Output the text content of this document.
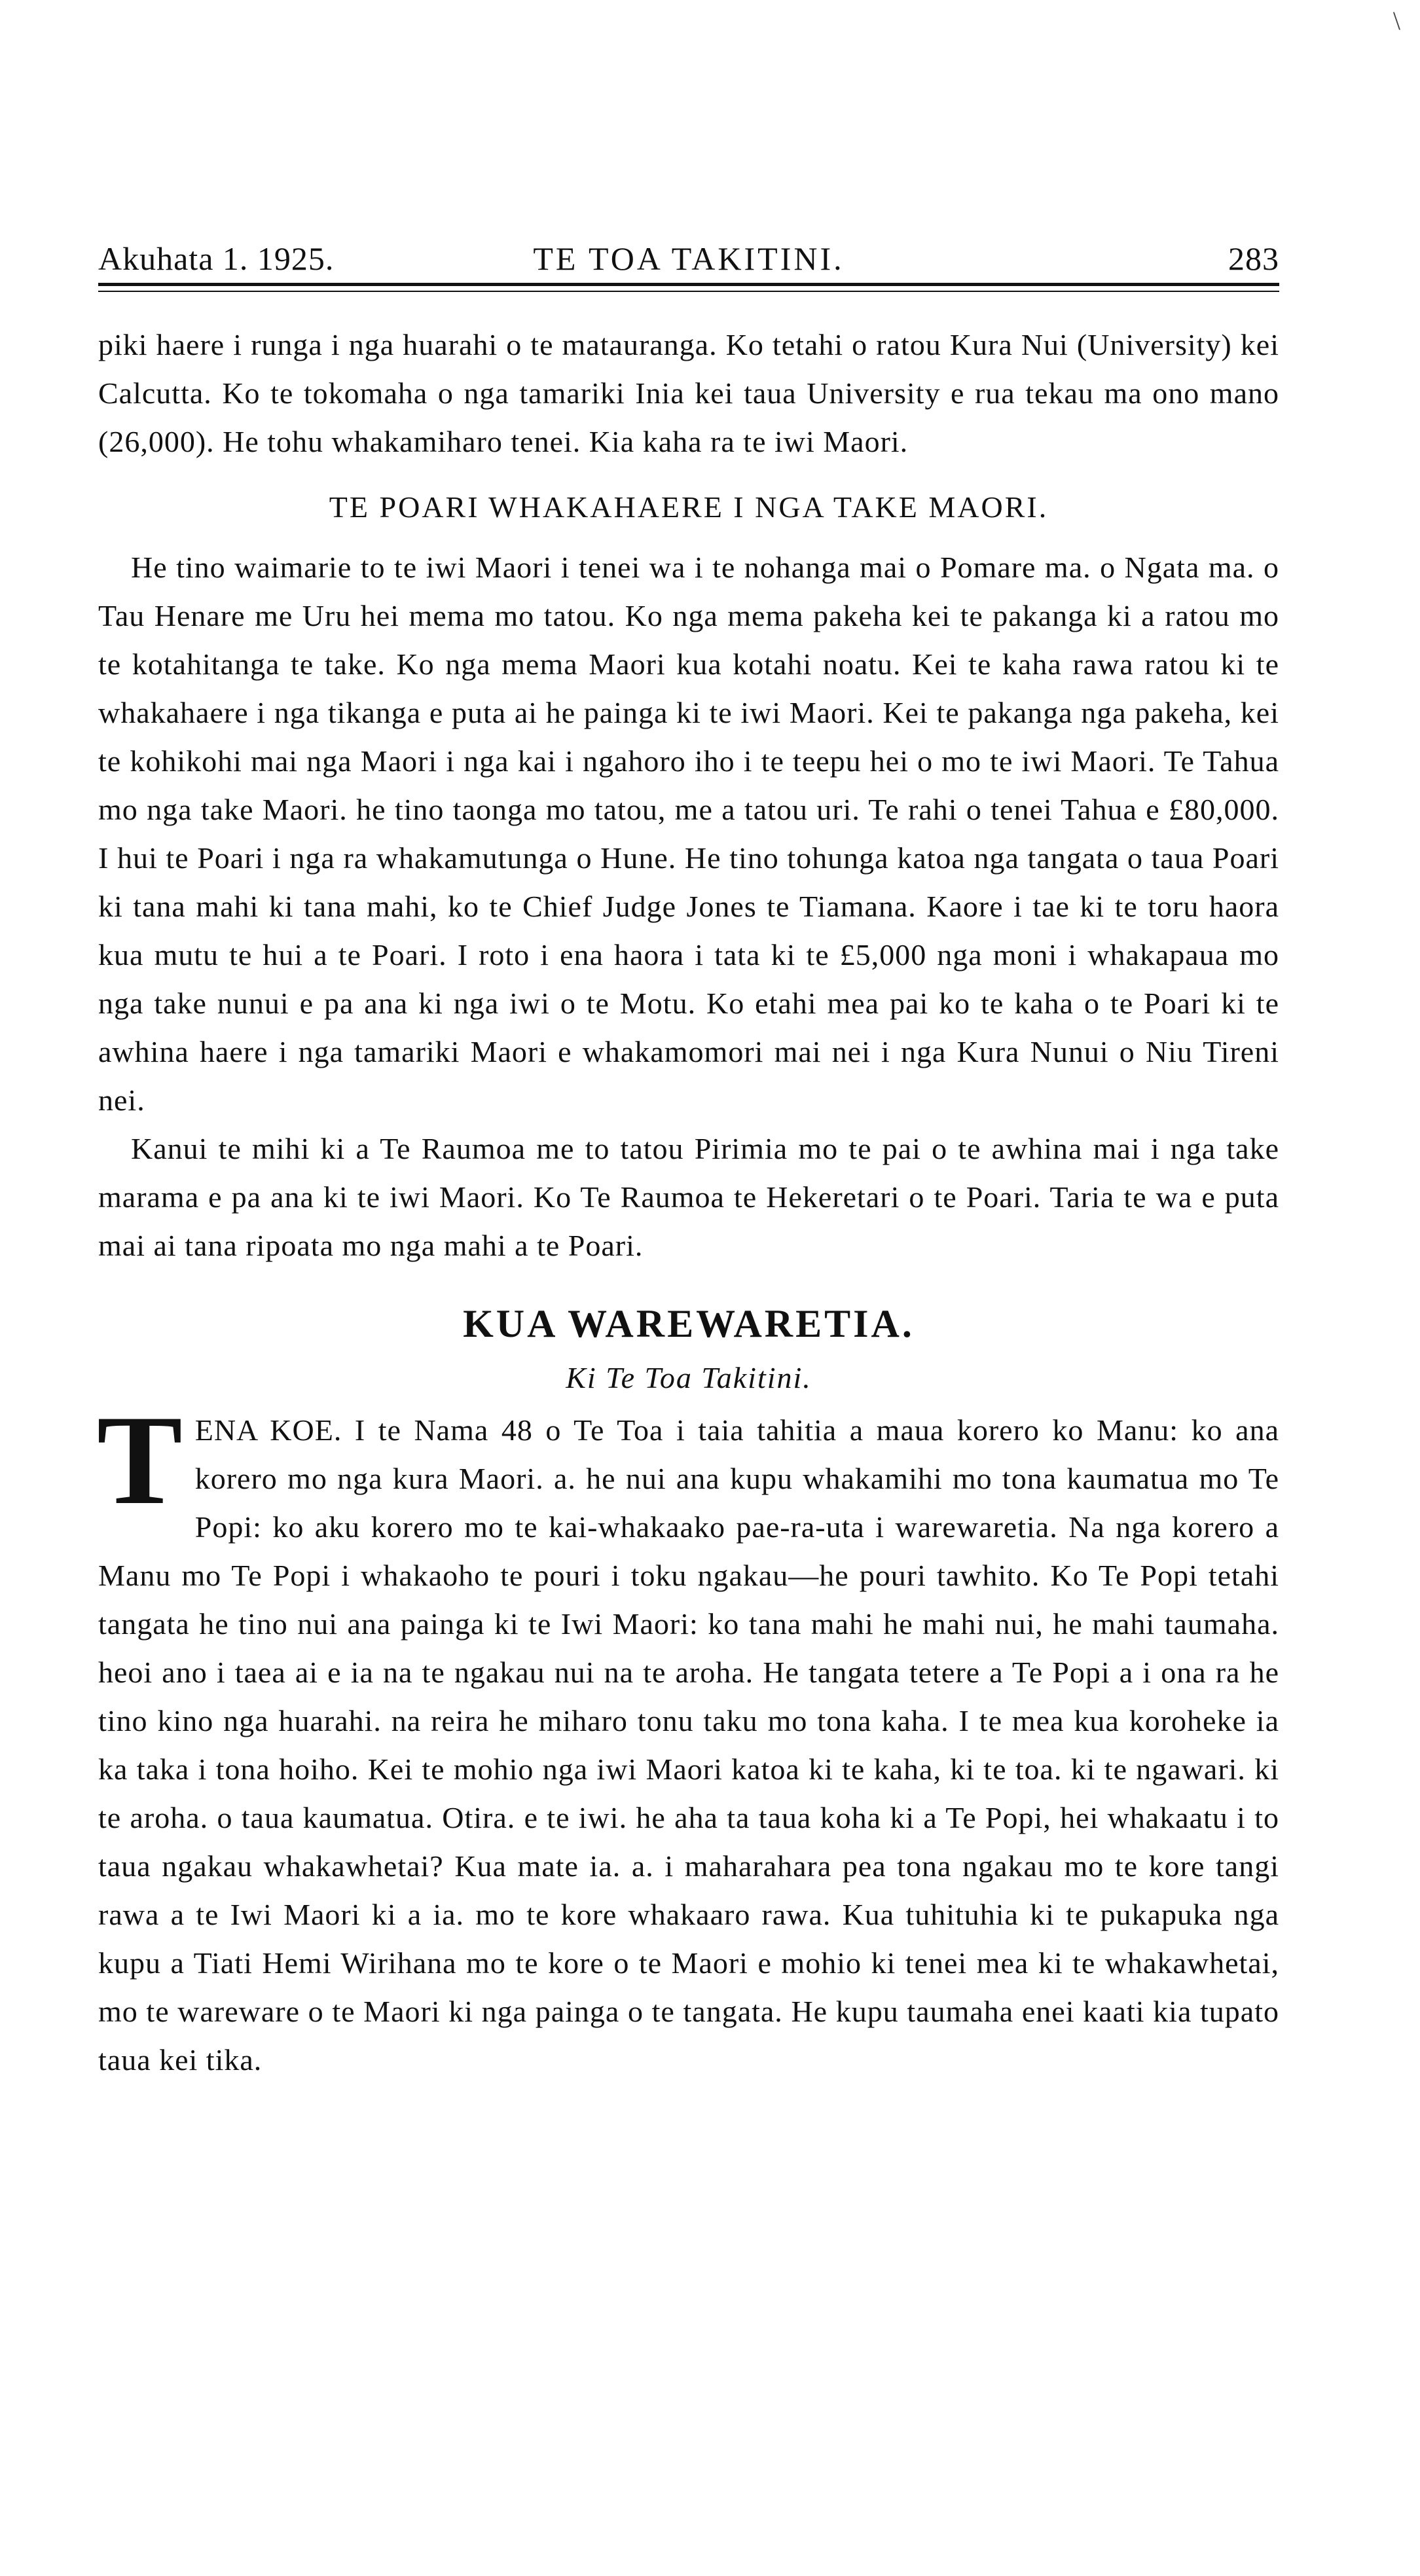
\
Akuhata 1. 1925.	TE TOA TAKITINI.	283

piki haere i runga i nga huarahi o te matauranga. Ko tetahi o ratou Kura Nui (University) kei Calcutta. Ko te tokomaha o nga tamariki Inia kei taua University e rua tekau ma ono mano (26,000). He tohu whakamiharo tenei. Kia kaha ra te iwi Maori.

TE POARI WHAKAHAERE I NGA TAKE MAORI.

He tino waimarie to te iwi Maori i tenei wa i te nohanga mai o Pomare ma. o Ngata ma. o Tau Henare me Uru hei mema mo tatou. Ko nga mema pakeha kei te pakanga ki a ratou mo te kotahitanga te take. Ko nga mema Maori kua kotahi noatu. Kei te kaha rawa ratou ki te whakahaere i nga tikanga e puta ai he painga ki te iwi Maori. Kei te pakanga nga pakeha, kei te kohikohi mai nga Maori i nga kai i ngahoro iho i te teepu hei o mo te iwi Maori. Te Tahua mo nga take Maori. he tino taonga mo tatou, me a tatou uri. Te rahi o tenei Tahua e £80,000. I hui te Poari i nga ra whakamutunga o Hune. He tino tohunga katoa nga tangata o taua Poari ki tana mahi ki tana mahi, ko te Chief Judge Jones te Tiamana. Kaore i tae ki te toru haora kua mutu te hui a te Poari. I roto i ena haora i tata ki te £5,000 nga moni i whakapaua mo nga take nunui e pa ana ki nga iwi o te Motu. Ko etahi mea pai ko te kaha o te Poari ki te awhina haere i nga tamariki Maori e whakamomori mai nei i nga Kura Nunui o Niu Tireni nei.

Kanui te mihi ki a Te Raumoa me to tatou Pirimia mo te pai o te awhina mai i nga take marama e pa ana ki te iwi Maori. Ko Te Raumoa te Hekeretari o te Poari. Taria te wa e puta mai ai tana ripoata mo nga mahi a te Poari.

KUA WAREWARETIA.
Ki Te Toa Takitini.

TENA KOE. I te Nama 48 o Te Toa i taia tahitia a maua korero ko Manu: ko ana korero mo nga kura Maori. a. he nui ana kupu whakamihi mo tona kaumatua mo Te Popi: ko aku korero mo te kai-whakaako pae-ra-uta i warewaretia. Na nga korero a Manu mo Te Popi i whakaoho te pouri i toku ngakau—he pouri tawhito. Ko Te Popi tetahi tangata he tino nui ana painga ki te Iwi Maori: ko tana mahi he mahi nui, he mahi taumaha. heoi ano i taea ai e ia na te ngakau nui na te aroha. He tangata tetere a Te Popi a i ona ra he tino kino nga huarahi. na reira he miharo tonu taku mo tona kaha. I te mea kua koroheke ia ka taka i tona hoiho. Kei te mohio nga iwi Maori katoa ki te kaha, ki te toa. ki te ngawari. ki te aroha. o taua kaumatua. Otira. e te iwi. he aha ta taua koha ki a Te Popi, hei whakaatu i to taua ngakau whakawhetai? Kua mate ia. a. i maharahara pea tona ngakau mo te kore tangi rawa a te Iwi Maori ki a ia. mo te kore whakaaro rawa. Kua tuhituhia ki te pukapuka nga kupu a Tiati Hemi Wirihana mo te kore o te Maori e mohio ki tenei mea ki te whakawhetai, mo te wareware o te Maori ki nga painga o te tangata. He kupu taumaha enei kaati kia tupato taua kei tika.
